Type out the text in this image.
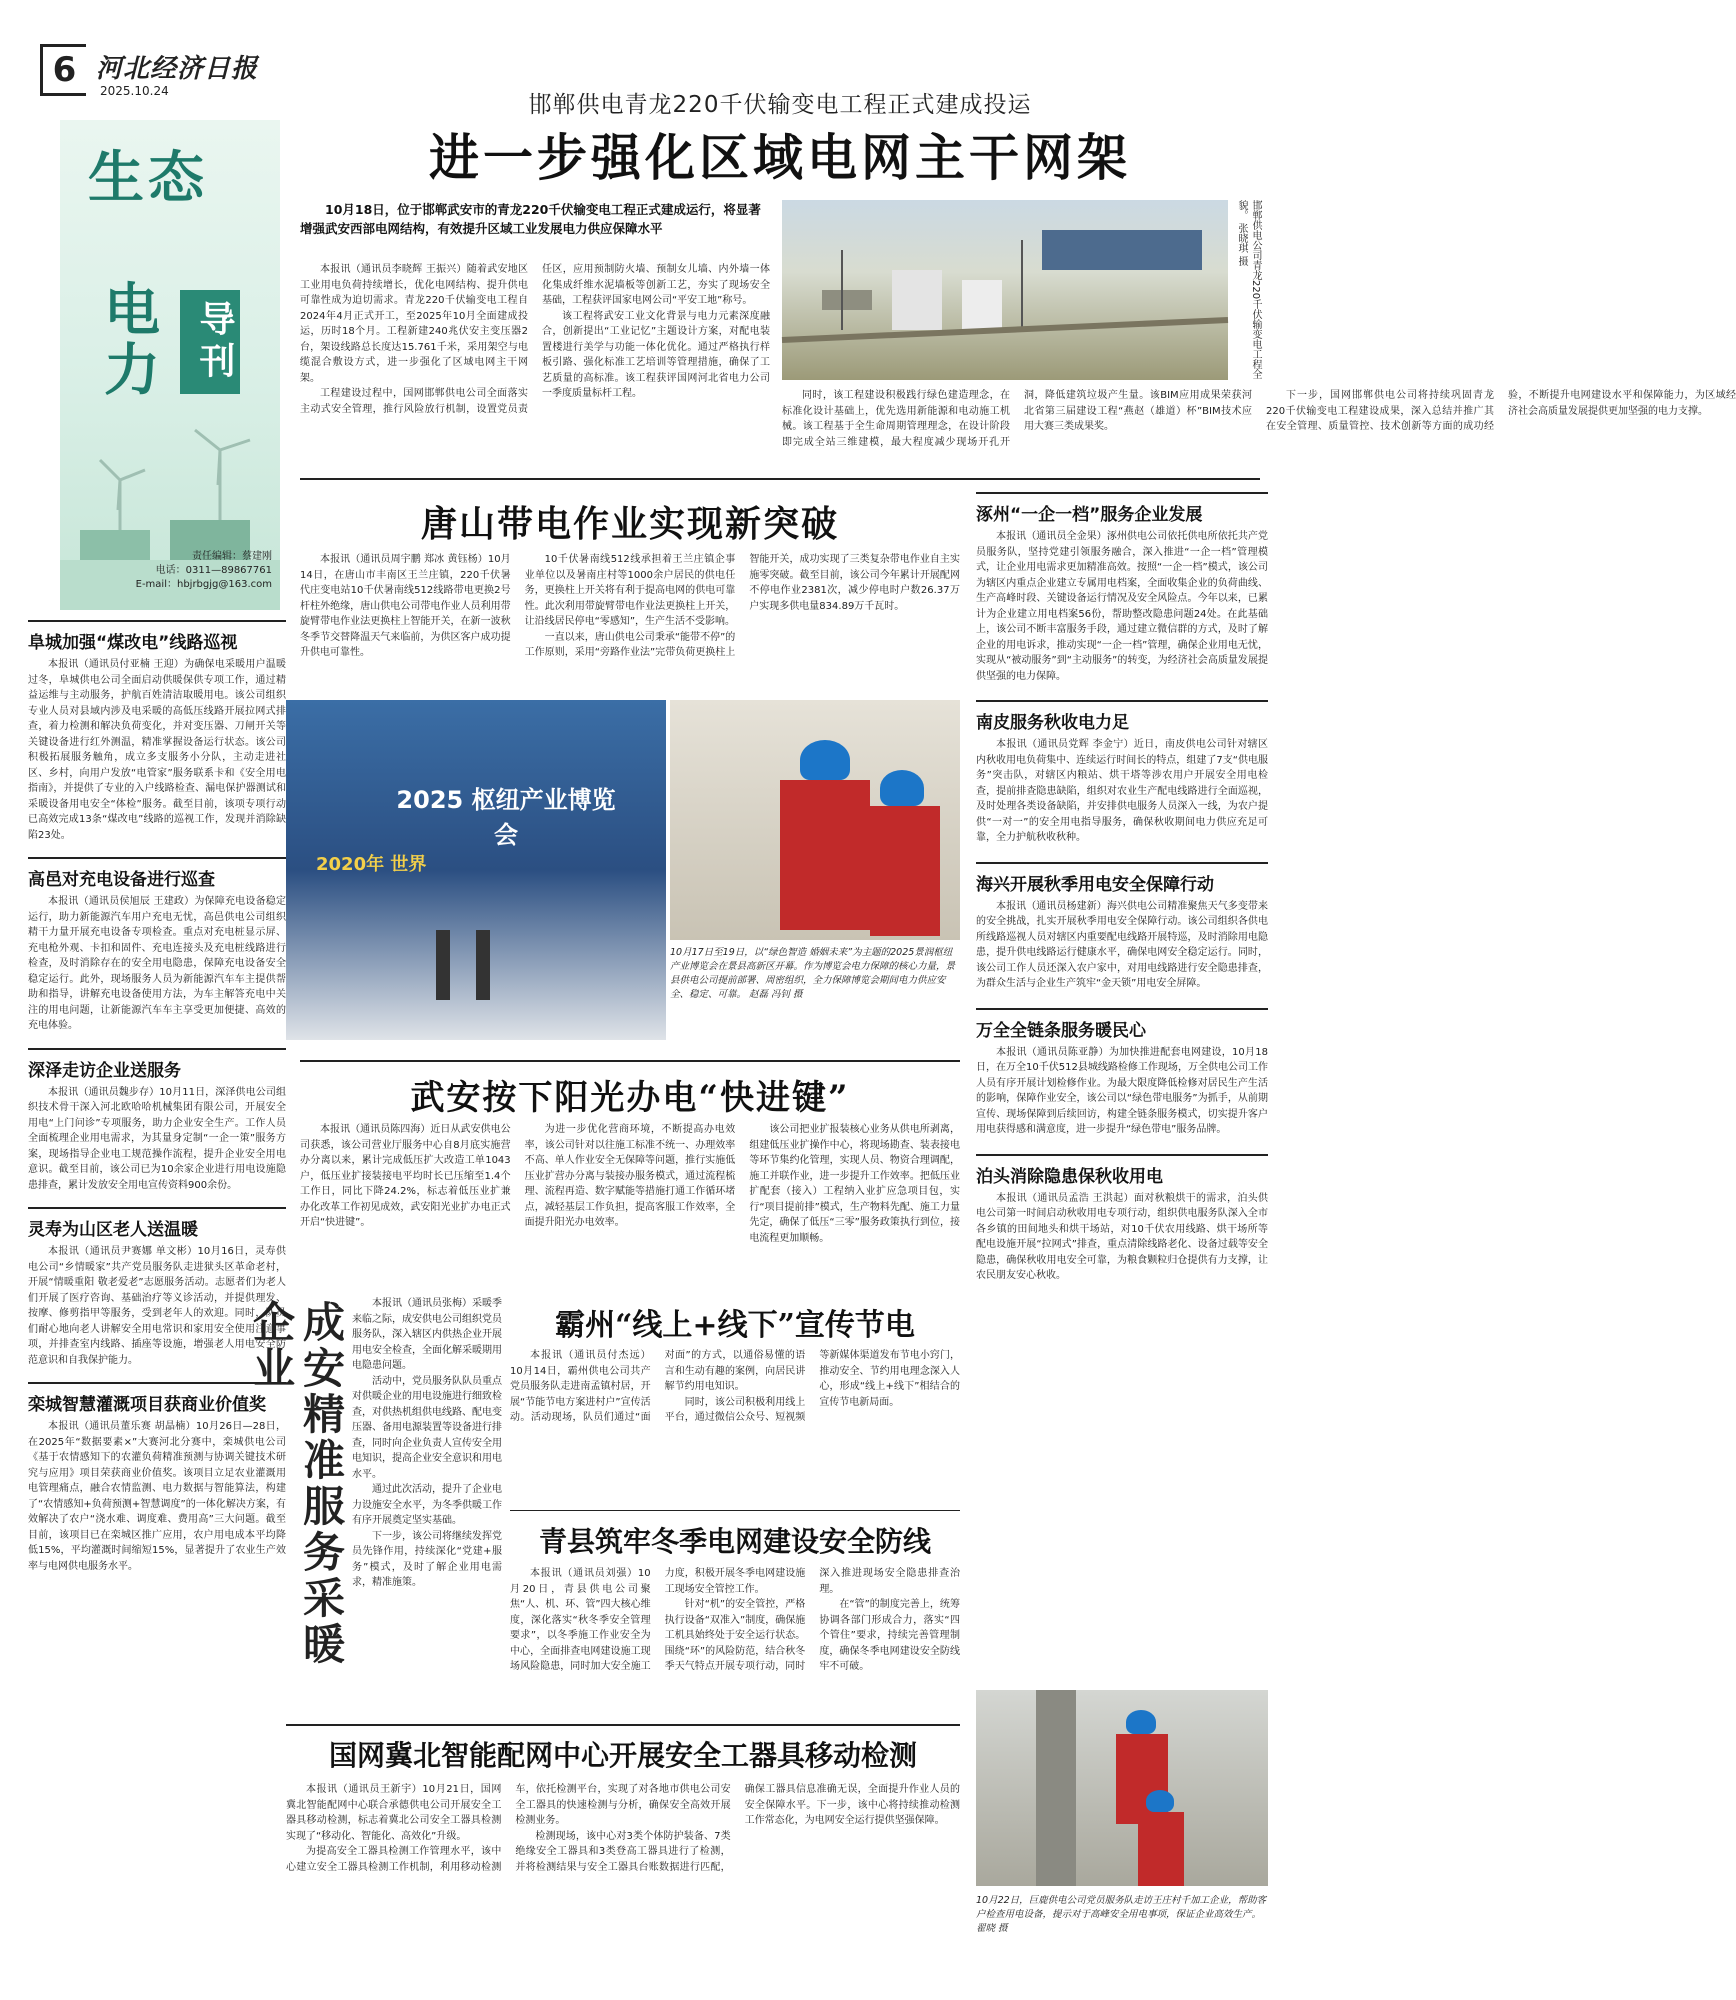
6 河北经济日报
2025.10.24
生态
电力 导刊
责任编辑：蔡建刚
电话：0311—89867761
E-mail：hbjrbgjg@163.com
阜城加强“煤改电”线路巡视
本报讯（通讯员付亚楠 王迎）为确保电采暖用户温暖过冬，阜城供电公司全面启动供暖保供专项工作，通过精益运维与主动服务，护航百姓清洁取暖用电。该公司组织专业人员对县域内涉及电采暖的高低压线路开展拉网式排查，着力检测和解决负荷变化，并对变压器、刀闸开关等关键设备进行红外测温，精准掌握设备运行状态。该公司积极拓展服务触角，成立多支服务小分队，主动走进社区、乡村，向用户发放“电管家”服务联系卡和《安全用电指南》，并提供了专业的入户线路检查、漏电保护器测试和采暖设备用电安全“体检”服务。截至目前，该项专项行动已高效完成13条“煤改电”线路的巡视工作，发现并消除缺陷23处。
高邑对充电设备进行巡查
本报讯（通讯员侯旭辰 王建政）为保障充电设备稳定运行，助力新能源汽车用户充电无忧，高邑供电公司组织精干力量开展充电设备专项检查。重点对充电桩显示屏、充电枪外观、卡扣和固件、充电连接头及充电桩线路进行检查，及时消除存在的安全用电隐患，保障充电设备安全稳定运行。此外，现场服务人员为新能源汽车车主提供帮助和指导，讲解充电设备使用方法，为车主解答充电中关注的用电问题，让新能源汽车车主享受更加便捷、高效的充电体验。
深泽走访企业送服务
本报讯（通讯员魏步存）10月11日，深泽供电公司组织技术骨干深入河北欧哈哈机械集团有限公司，开展安全用电“上门问诊”专项服务，助力企业安全生产。工作人员全面梳理企业用电需求，为其量身定制“一企一策”服务方案，现场指导企业电工规范操作流程，提升企业安全用电意识。截至目前，该公司已为10余家企业进行用电设施隐患排查，累计发放安全用电宣传资料900余份。
灵寿为山区老人送温暖
本报讯（通讯员尹赛娜 单文彬）10月16日，灵寿供电公司“乡情暖家”共产党员服务队走进狱头区革命老村，开展“情暖重阳 敬老爱老”志愿服务活动。志愿者们为老人们开展了医疗咨询、基础治疗等义诊活动，并提供理发、按摩、修剪指甲等服务，受到老年人的欢迎。同时，队员们耐心地向老人讲解安全用电常识和家用安全使用注意事项，并排查室内线路、插座等设施，增强老人用电安全防范意识和自我保护能力。
栾城智慧灌溉项目获商业价值奖
本报讯（通讯员董乐赛 胡晶楠）10月26日—28日，在2025年“数据要素×”大赛河北分赛中，栾城供电公司《基于农情感知下的农灌负荷精准预测与协调关键技术研究与应用》项目荣获商业价值奖。该项目立足农业灌溉用电管理痛点，融合农情监测、电力数据与智能算法，构建了“农情感知+负荷预测+智慧调度”的一体化解决方案，有效解决了农户“浇水难、调度难、费用高”三大问题。截至目前，该项目已在栾城区推广应用，农户用电成本平均降低15%，平均灌溉时间缩短15%，显著提升了农业生产效率与电网供电服务水平。
邯郸供电青龙220千伏输变电工程正式建成投运
进一步强化区域电网主干网架
10月18日，位于邯郸武安市的青龙220千伏输变电工程正式建成运行，将显著增强武安西部电网结构，有效提升区域工业发展电力供应保障水平	邯郸供电公司青龙220千伏输变电工程全貌。 张晓琪 摄

本报讯（通讯员李晓辉 王振兴）随着武安地区工业用电负荷持续增长，优化电网结构、提升供电可靠性成为迫切需求。青龙220千伏输变电工程自2024年4月正式开工，至2025年10月全面建成投运，历时18个月。工程新建240兆伏安主变压器2台，架设线路总长度达15.761千米，采用架空与电缆混合敷设方式，进一步强化了区域电网主干网架。

工程建设过程中，国网邯郸供电公司全面落实主动式安全管理，推行风险放行机制，设置党员责任区，应用预制防火墙、预制女儿墙、内外墙一体化集成纤维水泥墙板等创新工艺，夯实了现场安全基础，工程获评国家电网公司“平安工地”称号。

该工程将武安工业文化背景与电力元素深度融合，创新提出“工业记忆”主题设计方案，对配电装置楼进行美学与功能一体化优化。通过严格执行样板引路、强化标准工艺培训等管理措施，确保了工艺质量的高标准。该工程获评国网河北省电力公司一季度质量标杆工程。	同时，该工程建设积极践行绿色建造理念，在标准化设计基础上，优先选用新能源和电动施工机械。该工程基于全生命周期管理理念，在设计阶段即完成全站三维建模，最大程度减少现场开孔开洞，降低建筑垃圾产生量。该BIM应用成果荣获河北省第三届建设工程“燕赵（雄道）杯”BIM技术应用大赛三类成果奖。

下一步，国网邯郸供电公司将持续巩固青龙220千伏输变电工程建设成果，深入总结并推广其在安全管理、质量管控、技术创新等方面的成功经验，不断提升电网建设水平和保障能力，为区域经济社会高质量发展提供更加坚强的电力支撑。

唐山带电作业实现新突破

本报讯（通讯员周宇鹏 郑冰 黄钰杨）10月14日，在唐山市丰南区王兰庄镇，220千伏暑代庄变电站10千伏暑南线512线路带电更换2号杆柱外绝缘，唐山供电公司带电作业人员利用带旋臂带电作业法更换柱上智能开关，在新一波秋冬季节交替降温天气来临前，为供区客户成功提升供电可靠性。

10千伏暑南线512线承担着王兰庄镇企事业单位以及暑南庄村等1000余户居民的供电任务，更换柱上开关将有利于提高电网的供电可靠性。此次利用带旋臂带电作业法更换柱上开关，让沿线居民停电“零感知”，生产生活不受影响。

一直以来，唐山供电公司秉承“能带不停”的工作原则，采用“旁路作业法”完带负荷更换柱上智能开关，成功实现了三类复杂带电作业自主实施零突破。截至目前，该公司今年累计开展配网不停电作业2381次，减少停电时户数26.37万户实现多供电量834.89万千瓦时。

2025 枢纽产业博览会
2020年 世界
10月17日至19日，以“绿色智造 婚姻未来”为主题的2025景润枢纽产业博览会在景县高新区开幕。作为博览会电力保障的核心力量，景县供电公司提前部署、周密组织，全力保障博览会期间电力供应安全、稳定、可靠。 赵磊 冯钊 摄
涿州“一企一档”服务企业发展
本报讯（通讯员全金果）涿州供电公司依托供电所依托共产党员服务队，坚持党建引领服务融合，深入推进“一企一档”管理模式，让企业用电需求更加精准高效。按照“一企一档”模式，该公司为辖区内重点企业建立专属用电档案，全面收集企业的负荷曲线、生产高峰时段、关键设备运行情况及安全风险点。今年以来，已累计为企业建立用电档案56份，帮助整改隐患问题24处。在此基础上，该公司不断丰富服务手段，通过建立微信群的方式，及时了解企业的用电诉求，推动实现“一企一档”管理，确保企业用电无忧，实现从“被动服务”到“主动服务”的转变，为经济社会高质量发展提供坚强的电力保障。
南皮服务秋收电力足
本报讯（通讯员党辉 李金宁）近日，南皮供电公司针对辖区内秋收用电负荷集中、连续运行时间长的特点，组建了7支“供电服务”突击队，对辖区内粮站、烘干塔等涉农用户开展安全用电检查，提前排查隐患缺陷，组织对农业生产配电线路进行全面巡视，及时处理各类设备缺陷，并安排供电服务人员深入一线，为农户提供“一对一”的安全用电指导服务，确保秋收期间电力供应充足可靠，全力护航秋收秋种。
海兴开展秋季用电安全保障行动
本报讯（通讯员杨建新）海兴供电公司精准聚焦天气多变带来的安全挑战，扎实开展秋季用电安全保障行动。该公司组织各供电所线路巡视人员对辖区内重要配电线路开展特巡，及时消除用电隐患，提升供电线路运行健康水平，确保电网安全稳定运行。同时，该公司工作人员还深入农户家中，对用电线路进行安全隐患排查，为群众生活与企业生产筑牢“金天锁”用电安全屏障。
万全全链条服务暖民心
本报讯（通讯员陈亚静）为加快推进配套电网建设，10月18日，在万全10千伏512县城线路检修工作现场，万全供电公司工作人员有序开展计划检修作业。为最大限度降低检修对居民生产生活的影响，保障作业安全，该公司以“绿色带电服务”为抓手，从前期宣传、现场保障到后续回访，构建全链条服务模式，切实提升客户用电获得感和满意度，进一步提升“绿色带电”服务品牌。
泊头消除隐患保秋收用电
本报讯（通讯员孟浩 王洪起）面对秋粮烘干的需求，泊头供电公司第一时间启动秋收用电专项行动，组织供电服务队深入全市各乡镇的田间地头和烘干场站，对10千伏农用线路、烘干场所等配电设施开展“拉网式”排查，重点清除线路老化、设备过载等安全隐患，确保秋收用电安全可靠，为粮食颗粒归仓提供有力支撑，让农民朋友安心秋收。
武安按下阳光办电“快进键”

本报讯（通讯员陈四海）近日从武安供电公司获悉，该公司营业厅服务中心自8月底实施营办分离以来，累计完成低压扩大改造工单1043户，低压业扩接装接电平均时长已压缩至1.4个工作日，同比下降24.2%，标志着低压业扩兼办化改革工作初见成效，武安阳光业扩办电正式开启“快进键”。

为进一步优化营商环境，不断提高办电效率，该公司针对以往施工标准不统一、办理效率不高、单人作业安全无保障等问题，推行实施低压业扩营办分离与装接办服务模式，通过流程梳理、流程再造、数字赋能等措施打通工作循环堵点，减轻基层工作负担，提高客服工作效率，全面提升阳光办电效率。

该公司把业扩报装核心业务从供电所剥离，组建低压业扩操作中心，将现场勘查、装表接电等环节集约化管理，实现人员、物资合理调配，施工并联作业，进一步提升工作效率。把低压业扩配套（接入）工程纳入业扩应急项目包，实行“项目提前排”模式，生产物料先配、施工力量先定，确保了低压“三零”服务政策执行到位，接电流程更加顺畅。

成安精准服务采暖企业	本报讯（通讯员张梅）采暖季来临之际，成安供电公司组织党员服务队，深入辖区内供热企业开展用电安全检查，全面化解采暖期用电隐患问题。

活动中，党员服务队队员重点对供暖企业的用电设施进行细致检查，对供热机组供电线路、配电变压器、备用电源装置等设备进行排查，同时向企业负责人宣传安全用电知识，提高企业安全意识和用电水平。

通过此次活动，提升了企业电力设施安全水平，为冬季供暖工作有序开展奠定坚实基础。

下一步，该公司将继续发挥党员先锋作用，持续深化“党建+服务”模式，及时了解企业用电需求，精准施策。

霸州“线上+线下”宣传节电

本报讯（通讯员付杰远）10月14日，霸州供电公司共产党员服务队走进南孟镇村居，开展“节能节电方案进村户”宣传活动。活动现场，队员们通过“面对面”的方式，以通俗易懂的语言和生动有趣的案例，向居民讲解节约用电知识。

同时，该公司积极利用线上平台，通过微信公众号、短视频等新媒体渠道发布节电小窍门，推动安全、节约用电理念深入人心，形成“线上+线下”相结合的宣传节电新局面。

青县筑牢冬季电网建设安全防线

本报讯（通讯员刘强）10月20日，青县供电公司聚焦“人、机、环、管”四大核心维度，深化落实“秋冬季安全管理要求”，以冬季施工作业安全为中心，全面排查电网建设施工现场风险隐患，同时加大安全施工力度，积极开展冬季电网建设施工现场安全管控工作。

针对“机”的安全管控，严格执行设备“双准入”制度，确保施工机具始终处于安全运行状态。围绕“环”的风险防范，结合秋冬季天气特点开展专项行动，同时深入推进现场安全隐患排查治理。

在“管”的制度完善上，统筹协调各部门形成合力，落实“四个管住”要求，持续完善管理制度，确保冬季电网建设安全防线牢不可破。

国网冀北智能配网中心开展安全工器具移动检测

本报讯（通讯员王新宇）10月21日，国网冀北智能配网中心联合承德供电公司开展安全工器具移动检测，标志着冀北公司安全工器具检测实现了“移动化、智能化、高效化”升级。

为提高安全工器具检测工作管理水平，该中心建立安全工器具检测工作机制，利用移动检测车，依托检测平台，实现了对各地市供电公司安全工器具的快速检测与分析，确保安全高效开展检测业务。

检测现场，该中心对3类个体防护装备、7类绝缘安全工器具和3类登高工器具进行了检测，并将检测结果与安全工器具台账数据进行匹配，确保工器具信息准确无误，全面提升作业人员的安全保障水平。下一步，该中心将持续推动检测工作常态化，为电网安全运行提供坚强保障。

10月22日，巨鹿供电公司党员服务队走访王庄村千加工企业，帮助客户检查用电设备，提示对于高峰安全用电事项，保证企业高效生产。 翟晓 摄
